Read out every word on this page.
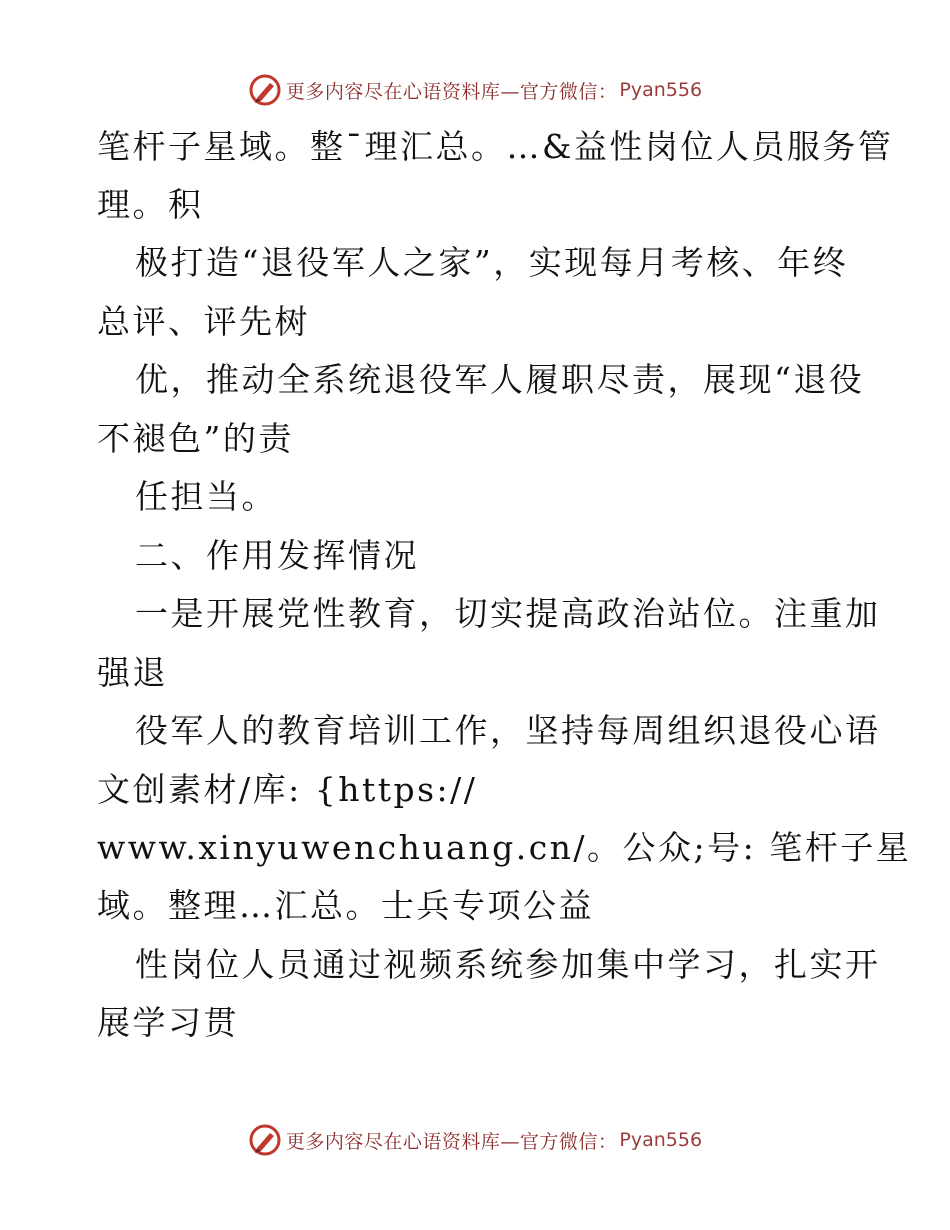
更多内容尽在心语资料库—官方微信： Pyan556
笔杆子星域。整¯理汇总。…&益性岗位人员服务管
理。积
极打造“退役军人之家”，实现每月考核、年终
总评、评先树
优，推动全系统退役军人履职尽责，展现“退役
不褪色”的责
任担当。
二、作用发挥情况
一是开展党性教育，切实提高政治站位。注重加
强退
役军人的教育培训工作，坚持每周组织退役心语
文创素材/库: {https://
www.xinyuwenchuang.cn/。公众;号: 笔杆子星
域。整理…汇总。士兵专项公益
性岗位人员通过视频系统参加集中学习，扎实开
展学习贯
更多内容尽在心语资料库—官方微信： Pyan556
